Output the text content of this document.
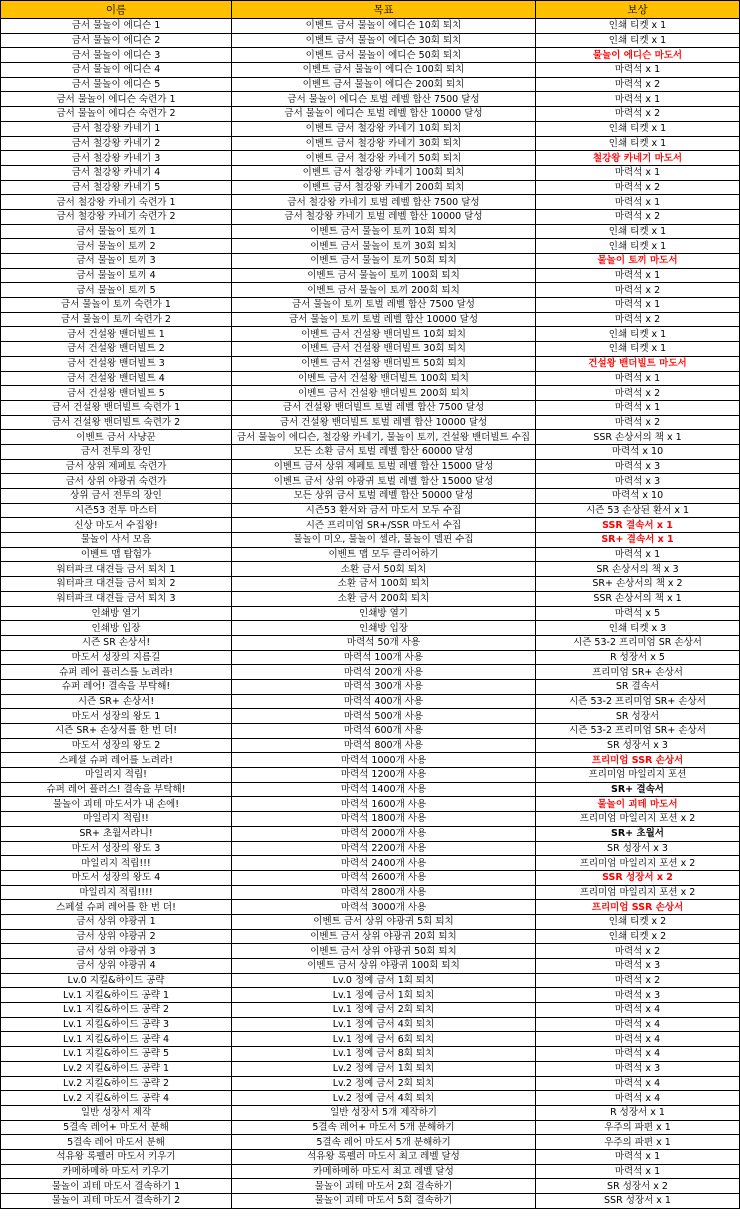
이름	목표	보상
금서 물놀이 에디슨 1	이벤트 금서 물놀이 에디슨 10회 퇴치	인쇄 티켓 x 1
금서 물놀이 에디슨 2	이벤트 금서 물놀이 에디슨 30회 퇴치	인쇄 티켓 x 1
금서 물놀이 에디슨 3	이벤트 금서 물놀이 에디슨 50회 퇴치	물놀이 에디슨 마도서
금서 물놀이 에디슨 4	이벤트 금서 물놀이 에디슨 100회 퇴치	마력석 x 1
금서 물놀이 에디슨 5	이벤트 금서 물놀이 에디슨 200회 퇴치	마력석 x 2
금서 물놀이 에디슨 숙련가 1	금서 물놀이 에디슨 토벌 레벨 합산 7500 달성	마력석 x 1
금서 물놀이 에디슨 숙련가 2	금서 물놀이 에디슨 토벌 레벨 합산 10000 달성	마력석 x 2
금서 철강왕 카네기 1	이벤트 금서 철강왕 카네기 10회 퇴치	인쇄 티켓 x 1
금서 철강왕 카네기 2	이벤트 금서 철강왕 카네기 30회 퇴치	인쇄 티켓 x 1
금서 철강왕 카네기 3	이벤트 금서 철강왕 카네기 50회 퇴치	철강왕 카네기 마도서
금서 철강왕 카네기 4	이벤트 금서 철강왕 카네기 100회 퇴치	마력석 x 1
금서 철강왕 카네기 5	이벤트 금서 철강왕 카네기 200회 퇴치	마력석 x 2
금서 철강왕 카네기 숙련가 1	금서 철강왕 카네기 토벌 레벨 합산 7500 달성	마력석 x 1
금서 철강왕 카네기 숙련가 2	금서 철강왕 카네기 토벌 레벨 합산 10000 달성	마력석 x 2
금서 물놀이 토끼 1	이벤트 금서 물놀이 토끼 10회 퇴치	인쇄 티켓 x 1
금서 물놀이 토끼 2	이벤트 금서 물놀이 토끼 30회 퇴치	인쇄 티켓 x 1
금서 물놀이 토끼 3	이벤트 금서 물놀이 토끼 50회 퇴치	물놀이 토끼 마도서
금서 물놀이 토끼 4	이벤트 금서 물놀이 토끼 100회 퇴치	마력석 x 1
금서 물놀이 토끼 5	이벤트 금서 물놀이 토끼 200회 퇴치	마력석 x 2
금서 물놀이 토끼 숙련가 1	금서 물놀이 토끼 토벌 레벨 합산 7500 달성	마력석 x 1
금서 물놀이 토끼 숙련가 2	금서 물놀이 토끼 토벌 레벨 합산 10000 달성	마력석 x 2
금서 건설왕 밴더빌트 1	이벤트 금서 건설왕 밴더빌트 10회 퇴치	인쇄 티켓 x 1
금서 건설왕 밴더빌트 2	이벤트 금서 건설왕 밴더빌트 30회 퇴치	인쇄 티켓 x 1
금서 건설왕 밴더빌트 3	이벤트 금서 건설왕 밴더빌트 50회 퇴치	건설왕 밴더빌트 마도서
금서 건설왕 밴더빌트 4	이벤트 금서 건설왕 밴더빌트 100회 퇴치	마력석 x 1
금서 건설왕 밴더빌트 5	이벤트 금서 건설왕 밴더빌트 200회 퇴치	마력석 x 2
금서 건설왕 밴더빌트 숙련가 1	금서 건설왕 밴더빌트 토벌 레벨 합산 7500 달성	마력석 x 1
금서 건설왕 밴더빌트 숙련가 2	금서 건설왕 밴더빌트 토벌 레벨 합산 10000 달성	마력석 x 2
이벤트 금서 사냥꾼	금서 물놀이 에디슨, 철강왕 카네기, 물놀이 토끼, 건설왕 밴더빌트 수집	SSR 손상서의 책 x 1
금서 전투의 장인	모든 소환 금서 토벌 레벨 합산 60000 달성	마력석 x 10
금서 상위 제페토 숙련가	이벤트 금서 상위 제페토 토벌 레벨 합산 15000 달성	마력석 x 3
금서 상위 야광귀 숙련가	이벤트 금서 상위 야광귀 토벌 레벨 합산 15000 달성	마력석 x 3
상위 금서 전투의 장인	모든 상위 금서 토벌 레벨 합산 50000 달성	마력석 x 10
시즌53 전투 마스터	시즌53 환서와 금서 마도서 모두 수집	시즌 53 손상된 환서 x 1
신상 마도서 수집왕!	시즌 프리미엄 SR+/SSR 마도서 수집	SSR 결속서 x 1
물놀이 사서 모음	물놀이 미오, 물놀이 셀라, 물놀이 델핀 수집	SR+ 결속서 x 1
이벤트 맵 탐험가	이벤트 맵 모두 클리어하기	마력석 x 1
워터파크 대견들 금서 퇴치 1	소환 금서 50회 퇴치	SR 손상서의 책 x 3
워터파크 대견들 금서 퇴치 2	소환 금서 100회 퇴치	SR+ 손상서의 책 x 2
워터파크 대견들 금서 퇴치 3	소환 금서 200회 퇴치	SSR 손상서의 책 x 1
인쇄방 열기	인쇄방 열기	마력석 x 5
인쇄방 입장	인쇄방 입장	인쇄 티켓 x 3
시즌 SR 손상서!	마력석 50개 사용	시즌 53-2 프리미엄 SR 손상서
마도서 성장의 지름길	마력석 100개 사용	R 성장서 x 5
슈퍼 레어 플러스를 노려라!	마력석 200개 사용	프리미엄 SR+ 손상서
슈퍼 레어! 결속을 부탁해!	마력석 300개 사용	SR 결속서
시즌 SR+ 손상서!	마력석 400개 사용	시즌 53-2 프리미엄 SR+ 손상서
마도서 성장의 왕도 1	마력석 500개 사용	SR 성장서
시즌 SR+ 손상서를 한 번 더!	마력석 600개 사용	시즌 53-2 프리미엄 SR+ 손상서
마도서 성장의 왕도 2	마력석 800개 사용	SR 성장서 x 3
스페셜 슈퍼 레어를 노려라!	마력석 1000개 사용	프리미엄 SSR 손상서
마일리지 적립!	마력석 1200개 사용	프리미엄 마일리지 포션
슈퍼 레어 플러스! 결속을 부탁해!	마력석 1400개 사용	SR+ 결속서
물놀이 괴테 마도서가 내 손에!	마력석 1600개 사용	물놀이 괴테 마도서
마일리지 적립!!	마력석 1800개 사용	프리미엄 마일리지 포션 x 2
SR+ 초월서라니!	마력석 2000개 사용	SR+ 초월서
마도서 성장의 왕도 3	마력석 2200개 사용	SR 성장서 x 3
마일리지 적립!!!	마력석 2400개 사용	프리미엄 마일리지 포션 x 2
마도서 성장의 왕도 4	마력석 2600개 사용	SSR 성장서 x 2
마일리지 적립!!!!	마력석 2800개 사용	프리미엄 마일리지 포션 x 2
스페셜 슈퍼 레어를 한 번 더!	마력석 3000개 사용	프리미엄 SSR 손상서
금서 상위 야광귀 1	이벤트 금서 상위 야광귀 5회 퇴치	인쇄 티켓 x 2
금서 상위 야광귀 2	이벤트 금서 상위 야광귀 20회 퇴치	인쇄 티켓 x 2
금서 상위 야광귀 3	이벤트 금서 상위 야광귀 50회 퇴치	마력석 x 2
금서 상위 야광귀 4	이벤트 금서 상위 야광귀 100회 퇴치	마력석 x 3
Lv.0 지킬&하이드 공략	Lv.0 정예 금서 1회 퇴치	마력석 x 2
Lv.1 지킬&하이드 공략 1	Lv.1 정예 금서 1회 퇴치	마력석 x 3
Lv.1 지킬&하이드 공략 2	Lv.1 정예 금서 2회 퇴치	마력석 x 4
Lv.1 지킬&하이드 공략 3	Lv.1 정예 금서 4회 퇴치	마력석 x 4
Lv.1 지킬&하이드 공략 4	Lv.1 정예 금서 6회 퇴치	마력석 x 4
Lv.1 지킬&하이드 공략 5	Lv.1 정예 금서 8회 퇴치	마력석 x 4
Lv.2 지킬&하이드 공략 1	Lv.2 정예 금서 1회 퇴치	마력석 x 3
Lv.2 지킬&하이드 공략 2	Lv.2 정예 금서 2회 퇴치	마력석 x 4
Lv.2 지킬&하이드 공략 4	Lv.2 정예 금서 4회 퇴치	마력석 x 4
일반 성장서 제작	일반 성장서 5개 제작하기	R 성장서 x 1
5결속 레어+ 마도서 분해	5결속 레어+ 마도서 5개 분해하기	우주의 파편 x 1
5결속 레어 마도서 분해	5결속 레어 마도서 5개 분해하기	우주의 파편 x 1
석유왕 록펠러 마도서 키우기	석유왕 록펠러 마도서 최고 레벨 달성	마력석 x 1
카메하메하 마도서 키우기	카메하메하 마도서 최고 레벨 달성	마력석 x 1
물놀이 괴테 마도서 결속하기 1	물놀이 괴테 마도서 2회 결속하기	SR 성장서 x 2
물놀이 괴테 마도서 결속하기 2	물놀이 괴테 마도서 5회 결속하기	SSR 성장서 x 1
